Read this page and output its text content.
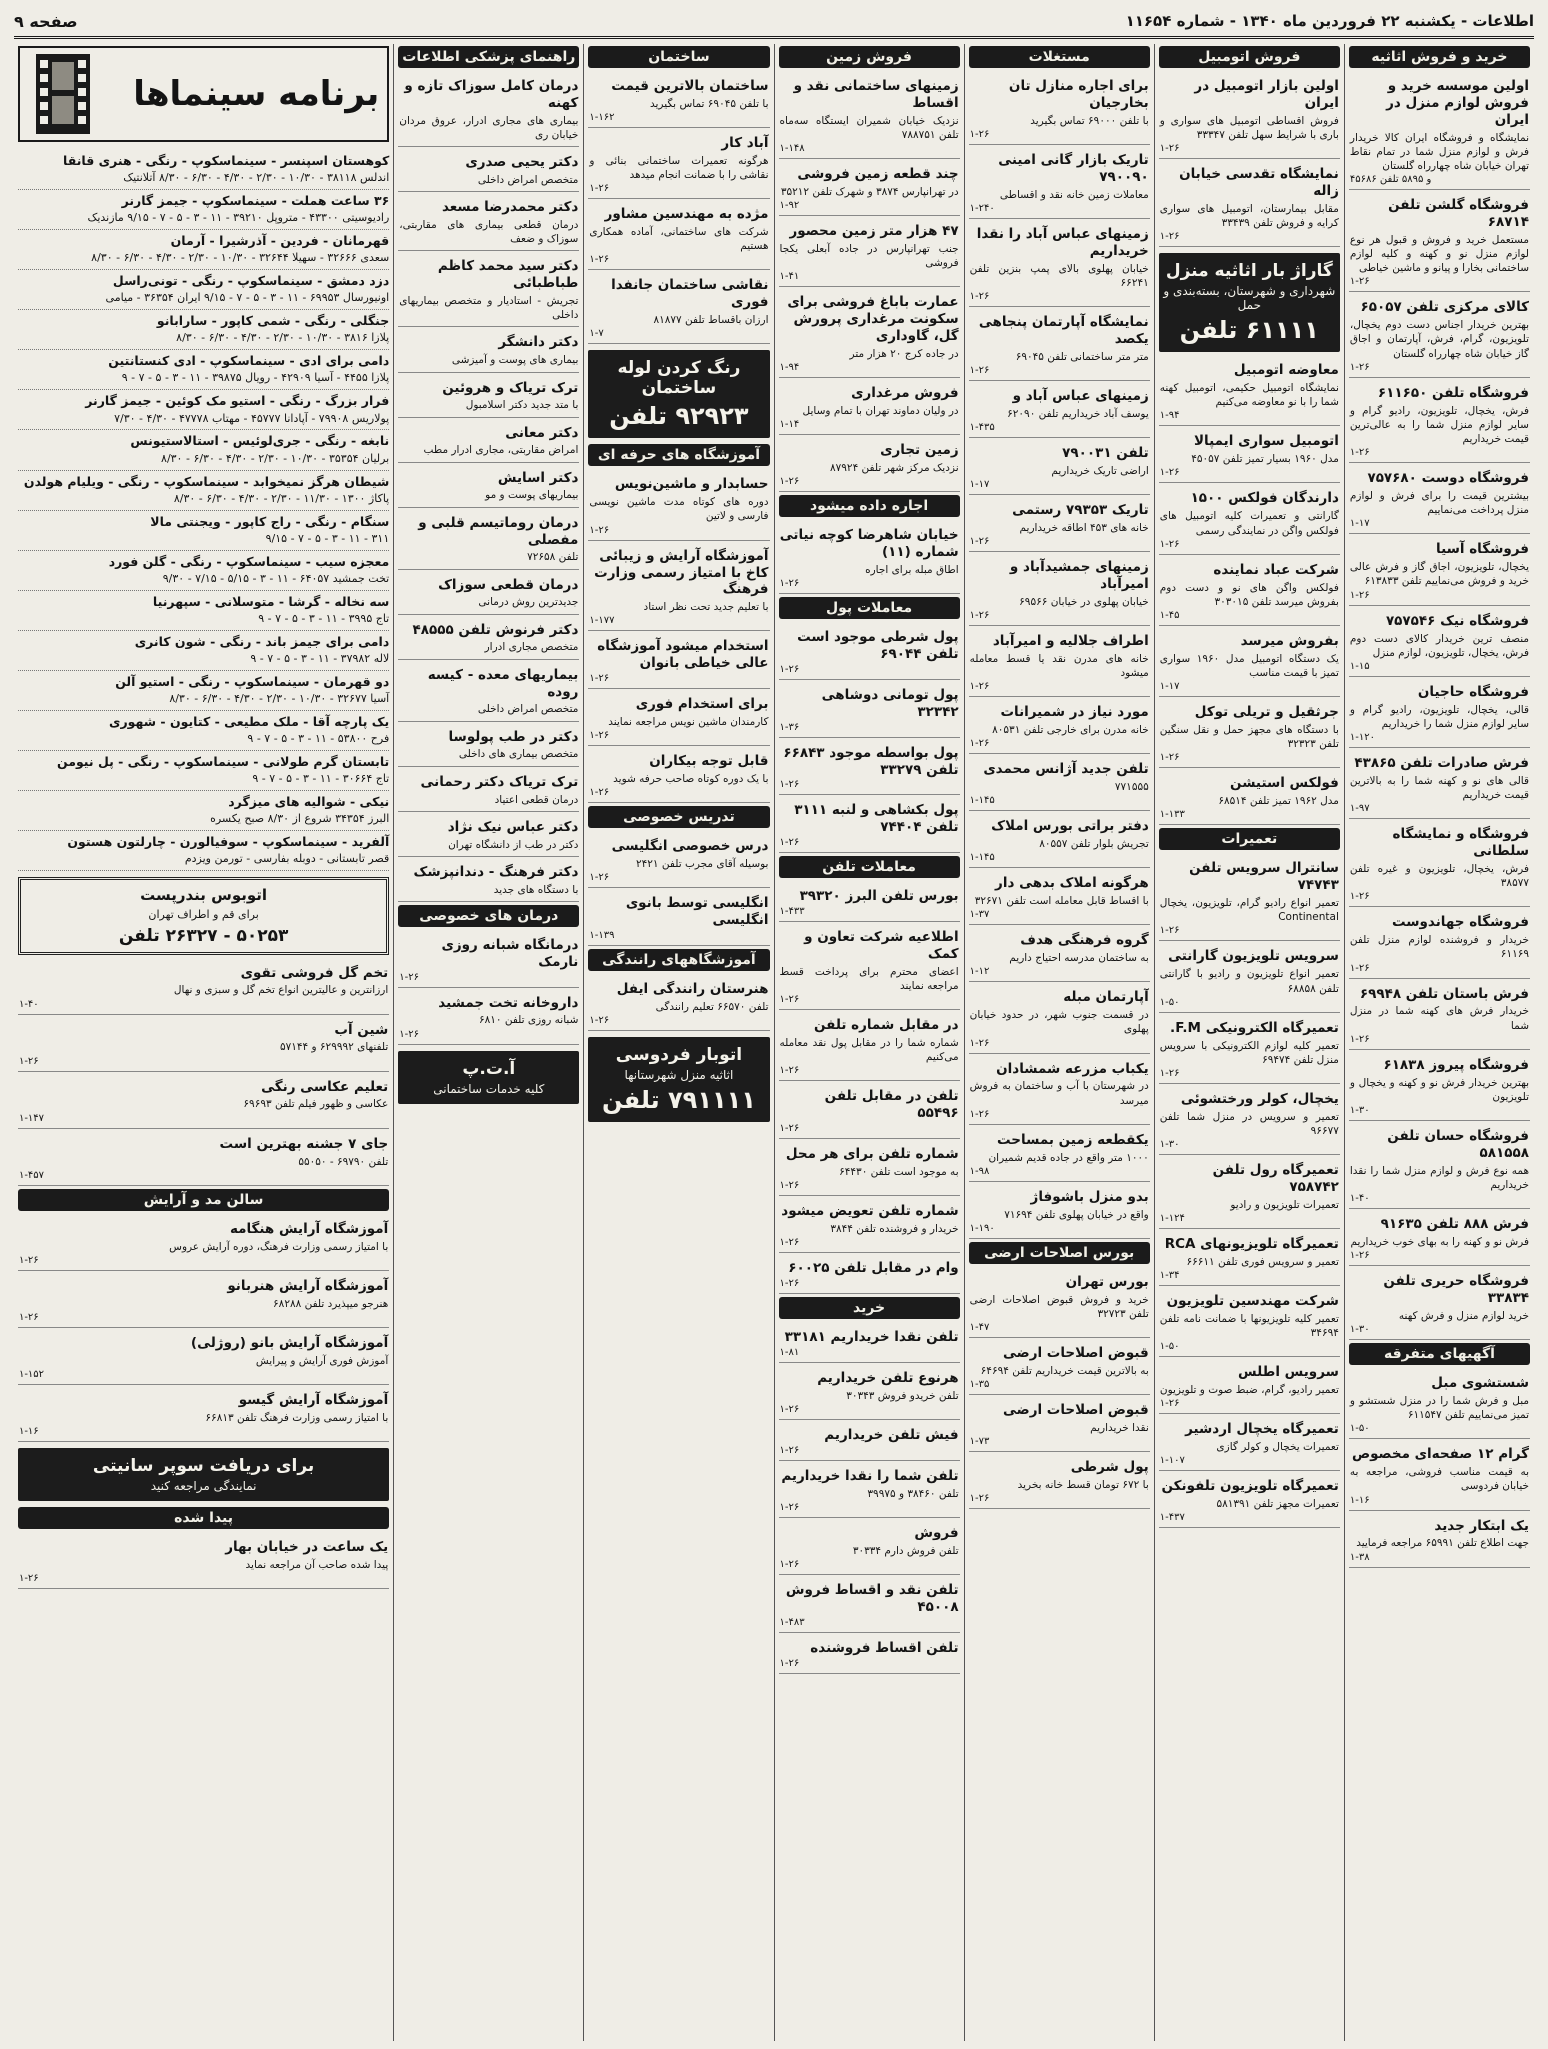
اطلاعات - یکشنبه ۲۲ فروردین ماه ۱۳۴۰ - شماره ۱۱۶۵۴
صفحه ۹
خرید و فروش اثاثیه
اولین موسسه خرید و فروش لوازم منزل در ایران
نمایشگاه و فروشگاه ایران کالا خریدار فرش و لوازم منزل شما در تمام نقاط تهران خیابان شاه چهارراه گلستان
۴۵۶۸۶ و ۵۸۹۵ تلفن
فروشگاه گلشن تلفن ۶۸۷۱۴
مستعمل خرید و فروش و قبول هر نوع لوازم منزل نو و کهنه و کلیه لوازم ساختمانی بخارا و پیانو و ماشین خیاطی
۱-۲۶
کالای مرکزی تلفن ۶۵۰۵۷
بهترین خریدار اجناس دست دوم یخچال، تلویزیون، گرام، فرش، آپارتمان و اجاق گاز خیابان شاه چهارراه گلستان
۱-۲۶
فروشگاه تلفن ۶۱۱۶۵۰
فرش، یخچال، تلویزیون، رادیو گرام و سایر لوازم منزل شما را به عالی‌ترین قیمت خریداریم
۱-۲۶
فروشگاه دوست ۷۵۷۶۸۰
بیشترین قیمت را برای فرش و لوازم منزل پرداخت می‌نماییم
۱-۱۷
فروشگاه آسیا
یخچال، تلویزیون، اجاق گاز و فرش عالی خرید و فروش می‌نماییم تلفن ۶۱۳۸۳۳
۱-۲۶
فروشگاه نیک ۷۵۷۵۴۶
منصف ترین خریدار کالای دست دوم فرش، یخچال، تلویزیون، لوازم منزل
۱-۱۵
فروشگاه حاجیان
قالی، یخچال، تلویزیون، رادیو گرام و سایر لوازم منزل شما را خریداریم
۱-۱۲۰
فرش صادرات تلفن ۴۳۸۶۵
قالی های نو و کهنه شما را به بالاترین قیمت خریداریم
۱-۹۷
فروشگاه و نمایشگاه سلطانی
فرش، یخچال، تلویزیون و غیره تلفن ۳۸۵۷۷
۱-۲۶
فروشگاه جهاندوست
خریدار و فروشنده لوازم منزل تلفن ۶۱۱۶۹
۱-۲۶
فرش باستان تلفن ۶۹۹۴۸
خریدار فرش های کهنه شما در منزل شما
۱-۲۶
فروشگاه پیروز ۶۱۸۳۸
بهترین خریدار فرش نو و کهنه و یخچال و تلویزیون
۱-۳۰
فروشگاه حسان تلفن ۵۸۱۵۵۸
همه نوع فرش و لوازم منزل شما را نقدا خریداریم
۱-۴۰
فرش ۸۸۸ تلفن ۹۱۶۳۵
فرش نو و کهنه را به بهای خوب خریداریم
۱-۲۶
فروشگاه حریری تلفن ۳۳۸۳۴
خرید لوازم منزل و فرش کهنه
۱-۳۰
آگهیهای متفرقه
شستشوی مبل
مبل و فرش شما را در منزل شستشو و تمیز می‌نماییم تلفن ۶۱۱۵۴۷
۱-۵۰
گرام ۱۲ صفحه‌ای مخصوص
به قیمت مناسب فروشی، مراجعه به خیابان فردوسی
۱-۱۶
یک ابتکار جدید
جهت اطلاع تلفن ۶۵۹۹۱ مراجعه فرمایید
۱-۳۸
فروش اتومبیل
اولین بازار اتومبیل در ایران
فروش اقساطی اتومبیل های سواری و باری با شرایط سهل تلفن ۳۳۳۴۷
۱-۲۶
نمایشگاه تقدسی خیابان زاله
مقابل بیمارستان، اتومبیل های سواری کرایه و فروش تلفن ۳۳۴۳۹
۱-۲۶
گاراژ بار اثاثیه منزل
شهرداری و شهرستان، بسته‌بندی و حمل
۶۱۱۱۱ تلفن
معاوضه اتومبیل
نمایشگاه اتومبیل حکیمی، اتومبیل کهنه شما را با نو معاوضه می‌کنیم
۱-۹۴
اتومبیل سواری ایمپالا
مدل ۱۹۶۰ بسیار تمیز تلفن ۴۵۰۵۷
۱-۲۶
دارندگان فولکس ۱۵۰۰
گارانتی و تعمیرات کلیه اتومبیل های فولکس واگن در نمایندگی رسمی
۱-۲۶
شرکت عباد نماینده
فولکس واگن های نو و دست دوم بفروش میرسد تلفن ۳۰۳۰۱۵
۱-۴۵
بفروش میرسد
یک دستگاه اتومبیل مدل ۱۹۶۰ سواری تمیز با قیمت مناسب
۱-۱۷
جرثقیل و تریلی توکل
با دستگاه های مجهز حمل و نقل سنگین تلفن ۳۲۳۲۳
۱-۲۶
فولکس استیشن
مدل ۱۹۶۲ تمیز تلفن ۶۸۵۱۴
۱-۱۳۳
تعمیرات
سانترال سرویس تلفن ۷۴۷۴۳
تعمیر انواع رادیو گرام، تلویزیون، یخچال Continental
۱-۲۶
سرویس تلویزیون گارانتی
تعمیر انواع تلویزیون و رادیو با گارانتی تلفن ۶۸۸۵۸
۱-۵۰
تعمیرگاه الکترونیکی F.M.
تعمیر کلیه لوازم الکترونیکی با سرویس منزل تلفن ۶۹۴۷۴
۱-۲۶
یخچال، کولر ورختشوئی
تعمیر و سرویس در منزل شما تلفن ۹۶۶۷۷
۱-۳۰
تعمیرگاه رول تلفن ۷۵۸۷۴۲
تعمیرات تلویزیون و رادیو
۱-۱۲۴
تعمیرگاه تلویزیونهای RCA
تعمیر و سرویس فوری تلفن ۶۶۶۱۱
۱-۳۴
شرکت مهندسین تلویزیون
تعمیر کلیه تلویزیونها با ضمانت نامه تلفن ۳۴۶۹۴
۱-۵۰
سرویس اطلس
تعمیر رادیو، گرام، ضبط صوت و تلویزیون
۱-۲۶
تعمیرگاه یخچال اردشیر
تعمیرات یخچال و کولر گازی
۱-۱۰۷
تعمیرگاه تلویزیون تلفونکن
تعمیرات مجهز تلفن ۵۸۱۳۹۱
۱-۴۳۷
مستغلات
برای اجاره منازل تان بخارجیان
با تلفن ۶۹۰۰۰ تماس بگیرید
۱-۲۶
تاریک بازار گانی امینی ۷۹۰۰۹۰
معاملات زمین خانه نقد و اقساطی
۱-۲۴۰
زمینهای عباس آباد را نقدا خریداریم
خیابان پهلوی بالای پمپ بنزین تلفن ۶۶۲۴۱
۱-۲۶
نمایشگاه آپارتمان پنجاهی یکصد
متر متر ساختمانی تلفن ۶۹۰۴۵
۱-۲۶
زمینهای عباس آباد و
یوسف آباد خریداریم تلفن ۶۲۰۹۰
۱-۴۳۵
تلفن ۷۹۰۰۳۱
اراضی تاریک خریداریم
۱-۱۷
تاریک ۷۹۳۵۳ رستمی
خانه های ۴۵۳ اطاقه خریداریم
۱-۲۶
زمینهای جمشیدآباد و امیرآباد
خیابان پهلوی در خیابان ۶۹۵۶۶
۱-۲۶
اطراف جلالیه و امیرآباد
خانه های مدرن نقد یا قسط معامله میشود
۱-۲۶
مورد نیاز در شمیرانات
خانه مدرن برای خارجی تلفن ۸۰۵۳۱
۱-۲۶
تلفن جدید آژانس محمدی
۷۷۱۵۵۵
۱-۱۴۵
دفتر براتی بورس املاک
تجریش بلوار تلفن ۸۰۵۵۷
۱-۱۴۵
هرگونه املاک بدهی دار
با اقساط قابل معامله است تلفن ۳۲۶۷۱
۱-۳۷
گروه فرهنگی هدف
به ساختمان مدرسه احتیاج داریم
۱-۱۲
آپارتمان مبله
در قسمت جنوب شهر، در حدود خیابان پهلوی
۱-۲۶
یکباب مزرعه شمشادان
در شهرستان با آب و ساختمان به فروش میرسد
۱-۲۶
یکقطعه زمین بمساحت
۱۰۰۰ متر واقع در جاده قدیم شمیران
۱-۹۸
بدو منزل باشوفاژ
واقع در خیابان پهلوی تلفن ۷۱۶۹۴
۱-۱۹۰
بورس اصلاحات ارضی
بورس تهران
خرید و فروش قبوض اصلاحات ارضی تلفن ۳۲۷۲۳
۱-۴۷
قبوض اصلاحات ارضی
به بالاترین قیمت خریداریم تلفن ۶۴۶۹۴
۱-۳۵
قبوض اصلاحات ارضی
نقدا خریداریم
۱-۷۳
پول شرطی
با ۶۷۲ تومان قسط خانه بخرید
۱-۲۶
فروش زمین
زمینهای ساختمانی نقد و اقساط
نزدیک خیابان شمیران ایستگاه سه‌ماه تلفن ۷۸۸۷۵۱
۱-۱۴۸
چند قطعه زمین فروشی
در تهرانپارس ۳۸۷۴ و شهرک تلفن ۳۵۲۱۲
۱-۹۲
۴۷ هزار متر زمین محصور
جنب تهرانپارس در جاده آبعلی یکجا فروشی
۱-۴۱
عمارت باباغ فروشی برای سکونت مرغداری پرورش گل، گاوداری
در جاده کرج ۲۰ هزار متر
۱-۹۴
فروش مرغداری
در ولیان دماوند تهران با تمام وسایل
۱-۱۴
زمین تجاری
نزدیک مرکز شهر تلفن ۸۷۹۲۴
۱-۲۶
اجاره داده میشود
خیابان شاهرضا کوچه نیاتی شماره (۱۱)
اطاق مبله برای اجاره
۱-۲۶
معاملات پول
پول شرطی موجود است تلفن ۶۹۰۴۴
۱-۲۶
پول تومانی دوشاهی ۳۲۳۴۲
۱-۳۶
پول بواسطه موجود ۶۶۸۴۳ تلفن ۳۳۲۷۹
۱-۲۶
پول بکشاهی و لنبه ۳۱۱۱ تلفن ۷۴۴۰۴
۱-۲۶
معاملات تلفن
بورس تلفن البرز ۳۹۳۲۰
۱-۴۳۳
اطلاعیه شرکت تعاون و کمک
اعضای محترم برای پرداخت قسط مراجعه نمایند
۱-۲۶
در مقابل شماره تلفن
شماره شما را در مقابل پول نقد معامله می‌کنیم
۱-۲۶
تلفن در مقابل تلفن ۵۵۴۹۶
۱-۲۶
شماره تلفن برای هر محل
به موجود است تلفن ۶۴۴۳۰
۱-۲۶
شماره تلفن تعویض میشود
خریدار و فروشنده تلفن ۳۸۴۴
۱-۲۶
وام در مقابل تلفن ۶۰۰۲۵
۱-۲۶
خرید
تلفن نقدا خریداریم ۳۳۱۸۱
۱-۸۱
هرنوع تلفن خریداریم
تلفن خریدو فروش ۳۰۳۴۳
۱-۲۶
فیش تلفن خریداریم
۱-۲۶
تلفن شما را نقدا خریداریم
تلفن ۳۸۴۶۰ و ۳۹۹۷۵
۱-۲۶
فروش
تلفن فروش دارم ۳۰۳۳۴
۱-۲۶
تلفن نقد و اقساط فروش ۴۵۰۰۸
۱-۴۸۳
تلفن اقساط فروشنده
۱-۲۶
ساختمان
ساختمان بالاترین قیمت
با تلفن ۶۹۰۴۵ تماس بگیرید
۱-۱۶۲
آباد کار
هرگونه تعمیرات ساختمانی بنائی و نقاشی را با ضمانت انجام میدهد
۱-۲۶
مژده به مهندسین مشاور
شرکت های ساختمانی، آماده همکاری هستیم
۱-۲۶
نقاشی ساختمان جانفدا فوری
ارزان باقساط تلفن ۸۱۸۷۷
۱-۷
رنگ کردن لوله ساختمان
۹۲۹۲۳ تلفن
آموزشگاه های حرفه ای
حسابدار و ماشین‌نویس
دوره های کوتاه مدت ماشین نویسی فارسی و لاتین
۱-۲۶
آموزشگاه آرایش و زیبائی کاخ با امتیاز رسمی وزارت فرهنگ
با تعلیم جدید تحت نظر استاد
۱-۱۷۷
استخدام میشود آموزشگاه عالی خیاطی بانوان
۱-۲۶
برای استخدام فوری
کارمندان ماشین نویس مراجعه نمایند
۱-۲۶
قابل توجه بیکاران
با یک دوره کوتاه صاحب حرفه شوید
۱-۲۶
تدریس خصوصی
درس خصوصی انگلیسی
بوسیله آقای مجرب تلفن ۲۴۲۱
۱-۲۶
انگلیسی توسط بانوی انگلیسی
۱-۱۳۹
آموزشگاههای رانندگی
هنرستان رانندگی ایفل
تلفن ۶۶۵۷۰ تعلیم رانندگی
۱-۲۶
اتوبار فردوسی
اثاثیه منزل شهرستانها
۷۹۱۱۱۱ تلفن
راهنمای پزشکی اطلاعات
درمان کامل سوزاک تازه و کهنه
بیماری های مجاری ادرار، عروق مردان خیابان ری
دکتر یحیی صدری
متخصص امراض داخلی
دکتر محمدرضا مسعد
درمان قطعی بیماری های مقاربتی، سوزاک و ضعف
دکتر سید محمد کاظم طباطبائی
تجریش - استادیار و متخصص بیماریهای داخلی
دکتر دانشگر
بیماری های پوست و آمیزشی
ترک تریاک و هروئین
با متد جدید دکتر اسلامبول
دکتر معانی
امراض مقاربتی، مجاری ادرار مطب
دکتر اسایش
بیماریهای پوست و مو
درمان روماتیسم قلبی و مفصلی
تلفن ۷۲۶۵۸
درمان قطعی سوزاک
جدیدترین روش درمانی
دکتر فرنوش تلفن ۴۸۵۵۵
متخصص مجاری ادرار
بیماریهای معده - کیسه روده
متخصص امراض داخلی
دکتر در طب پولوسا
متخصص بیماری های داخلی
ترک تریاک دکتر رحمانی
درمان قطعی اعتیاد
دکتر عباس نیک نژاد
دکتر در طب از دانشگاه تهران
دکتر فرهنگ - دندانپزشک
با دستگاه های جدید
درمان های خصوصی
درمانگاه شبانه روزی نارمک
۱-۲۶
داروخانه تخت جمشید
شبانه روزی تلفن ۶۸۱۰
۱-۲۶
آ.ت.پ
کلیه خدمات ساختمانی
برنامه سینماها
کوهستان اسپنسر - سینماسکوپ - رنگی - هنری قانقا
اندلس ۳۸۱۱۸ - ۱۰/۳۰ - ۲/۳۰ - ۴/۳۰ - ۶/۳۰ - ۸/۳۰ آتلانتیک
۳۶ ساعت هملت - سینماسکوپ - جیمز گارنر
رادیوسیتی ۴۳۳۰۰ - متروپل ۳۹۲۱۰ - ۱۱ - ۳ - ۵ - ۷ - ۹/۱۵ مازندیک
قهرمانان - فردین - آذرشیرا - آرمان
سعدی ۳۲۶۶۶ - سهیلا ۳۲۶۴۴ - ۱۰/۳۰ - ۲/۳۰ - ۴/۳۰ - ۶/۳۰ - ۸/۳۰
دزد دمشق - سینماسکوپ - رنگی - تونی‌راسل
اونیورسال ۶۹۹۵۳ - ۱۱ - ۳ - ۵ - ۷ - ۹/۱۵ ایران ۳۶۳۵۴ - میامی
جنگلی - رنگی - شمی کاپور - سارابانو
پلازا ۳۸۱۶ - ۱۰/۳۰ - ۲/۳۰ - ۴/۳۰ - ۶/۳۰ - ۸/۳۰
دامی برای ادی - سینماسکوپ - ادی کنستانتین
پلازا ۴۴۵۵ - آسیا ۴۲۹۰۹ - رویال ۳۹۸۷۵ - ۱۱ - ۳ - ۵ - ۷ - ۹
فرار بزرگ - رنگی - استیو مک کوئین - جیمز گارنر
پولاریس ۷۹۹۰۸ - آپادانا ۴۵۷۷۷ - مهتاب ۴۷۷۷۸ - ۴/۳۰ - ۷/۳۰
نابغه - رنگی - جری‌لوئیس - استالاستیونس
برلیان ۳۵۳۵۴ - ۱۰/۳۰ - ۲/۳۰ - ۴/۳۰ - ۶/۳۰ - ۸/۳۰
شیطان هرگز نمیخوابد - سینماسکوپ - رنگی - ویلیام هولدن
پاکاژ ۱۳۰۰ - ۱۱/۳۰ - ۲/۳۰ - ۴/۳۰ - ۶/۳۰ - ۸/۳۰
سنگام - رنگی - راج کاپور - ویجنتی مالا
۳۱۱ - ۱۱ - ۳ - ۵ - ۷ - ۹/۱۵
معجزه سیب - سینماسکوپ - رنگی - گلن فورد
تخت جمشید ۶۴۰۵۷ - ۱۱ - ۳ - ۵/۱۵ - ۷/۱۵ - ۹/۳۰
سه نخاله - گرشا - متوسلانی - سپهرنیا
تاج ۳۹۹۵ - ۱۱ - ۳ - ۵ - ۷ - ۹
دامی برای جیمز باند - رنگی - شون کانری
لاله ۳۷۹۸۲ - ۱۱ - ۳ - ۵ - ۷ - ۹
دو قهرمان - سینماسکوپ - رنگی - استیو آلن
آسیا ۳۲۶۷۷ - ۱۰/۳۰ - ۲/۳۰ - ۴/۳۰ - ۶/۳۰ - ۸/۳۰
یک پارچه آقا - ملک مطیعی - کتایون - شهوری
فرح ۵۳۸۰۰ - ۱۱ - ۳ - ۵ - ۷ - ۹
تابستان گرم طولانی - سینماسکوپ - رنگی - پل نیومن
تاج ۳۰۶۶۴ - ۱۱ - ۳ - ۵ - ۷ - ۹
نیکی - شوالیه های میزگرد
البرز ۳۴۳۵۴ شروع از ۸/۳۰ صبح یکسره
آلفرید - سینماسکوپ - سوفیالورن - چارلتون هستون
قصر تابستانی - دوبله بفارسی - تورمن ویزدم
اتوبوس بندرپست
برای قم و اطراف تهران
۵۰۲۵۳ - ۲۶۳۲۷ تلفن
تخم گل فروشی تقوی
ارزانترین و عالیترین انواع تخم گل و سبزی و نهال
۱-۴۰
شین آب
تلفنهای ۶۲۹۹۹۲ و ۵۷۱۴۴
۱-۲۶
تعلیم عکاسی رنگی
عکاسی و ظهور فیلم تلفن ۶۹۶۹۳
۱-۱۴۷
جای ۷ جشنه بهترین است
تلفن ۶۹۷۹۰ - ۵۵۰۵۰
۱-۴۵۷
سالن مد و آرایش
آموزشگاه آرایش هنگامه
با امتیاز رسمی وزارت فرهنگ، دوره آرایش عروس
۱-۲۶
آموزشگاه آرایش هنربانو
هنرجو میپذیرد تلفن ۶۸۲۸۸
۱-۲۶
آموزشگاه آرایش بانو (روژلی)
آموزش فوری آرایش و پیرایش
۱-۱۵۲
آموزشگاه آرایش گیسو
با امتیاز رسمی وزارت فرهنگ تلفن ۶۶۸۱۳
۱-۱۶
برای دریافت سوپر سانیتی
نمایندگی مراجعه کنید
پیدا شده
یک ساعت در خیابان بهار
پیدا شده صاحب آن مراجعه نماید
۱-۲۶
